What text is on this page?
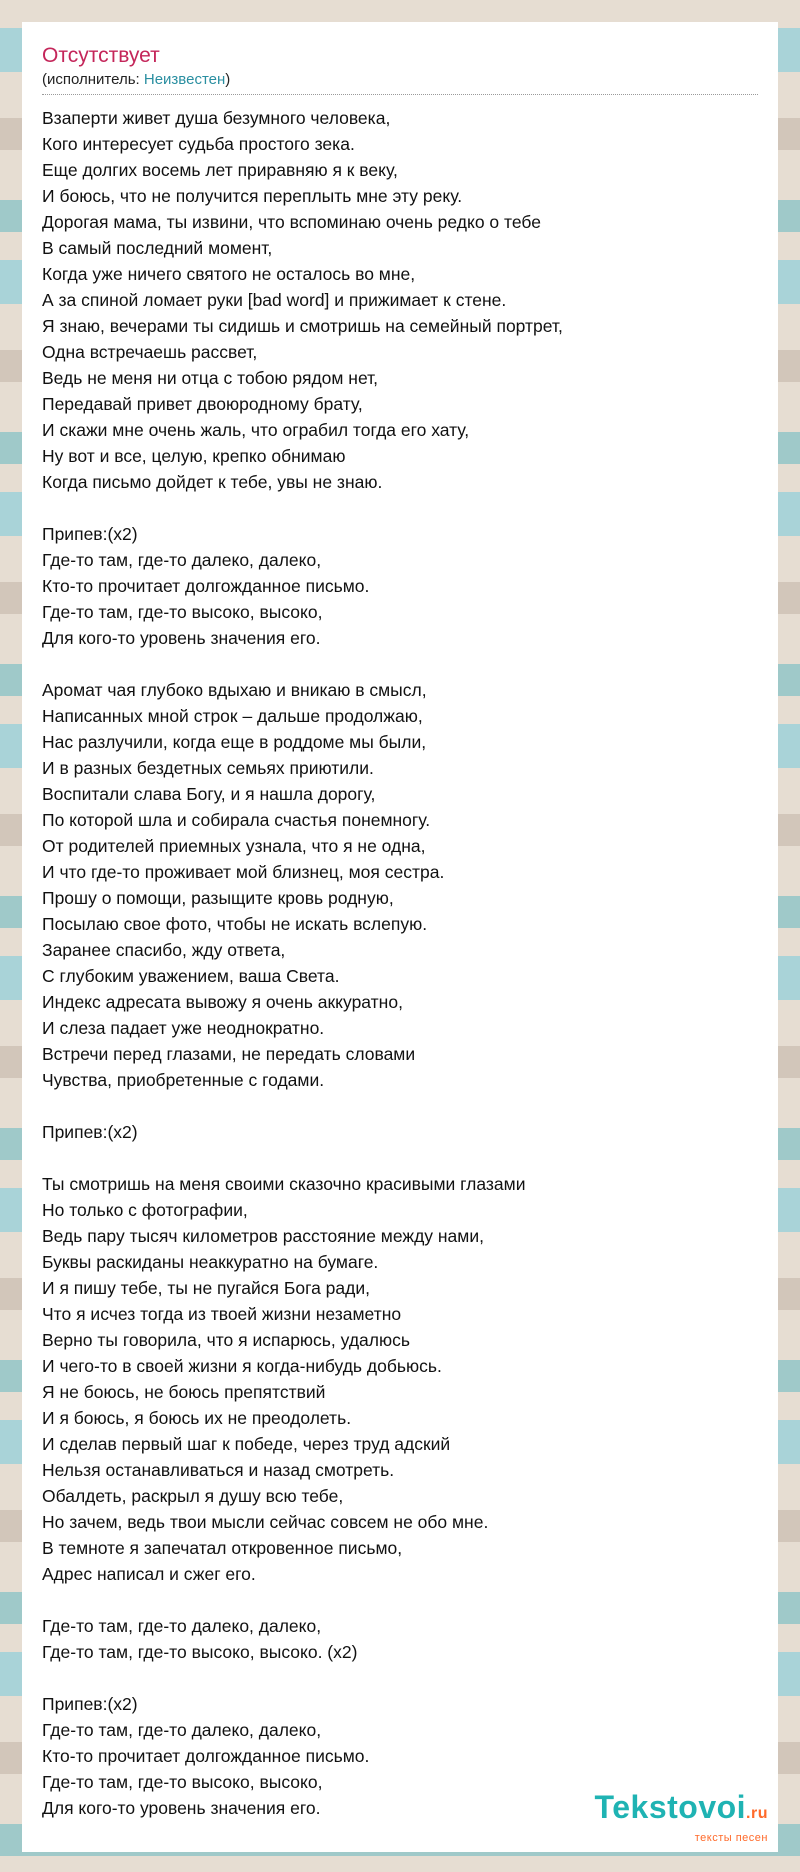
Отсутствует
(исполнитель: Неизвестен)
Взаперти живет душа безумного человека,
Кого интересует судьба простого зека.
Еще долгих восемь лет приравняю я к веку,
И боюсь, что не получится переплыть мне эту реку.
Дорогая мама, ты извини, что вспоминаю очень редко о тебе
В самый последний момент,
Когда уже ничего святого не осталось во мне,
А за спиной ломает руки [bad word] и прижимает к стене.
Я знаю, вечерами ты сидишь и смотришь на семейный портрет,
Одна встречаешь рассвет,
Ведь не меня ни отца с тобою рядом нет,
Передавай привет двоюродному брату,
И скажи мне очень жаль, что ограбил тогда его хату,
Ну вот и все, целую, крепко обнимаю
Когда письмо дойдет к тебе, увы не знаю.
Припев:(x2)
Где-то там, где-то далеко, далеко,
Кто-то прочитает долгожданное письмо.
Где-то там, где-то высоко, высоко,
Для кого-то уровень значения его.
Аромат чая глубоко вдыхаю и вникаю в смысл,
Написанных мной строк – дальше продолжаю,
Нас разлучили, когда еще в роддоме мы были,
И в разных бездетных семьях приютили.
Воспитали слава Богу, и я нашла дорогу,
По которой шла и собирала счастья понемногу.
От родителей приемных узнала, что я не одна,
И что где-то проживает мой близнец, моя сестра.
Прошу о помощи, разыщите кровь родную,
Посылаю свое фото, чтобы не искать вслепую.
Заранее спасибо, жду ответа,
С глубоким уважением, ваша Света.
Индекс адресата вывожу я очень аккуратно,
И слеза падает уже неоднократно.
Встречи перед глазами, не передать словами
Чувства, приобретенные с годами.
Припев:(x2)
Ты смотришь на меня своими сказочно красивыми глазами
Но только с фотографии,
Ведь пару тысяч километров расстояние между нами,
Буквы раскиданы неаккуратно на бумаге.
И я пишу тебе, ты не пугайся Бога ради,
Что я исчез тогда из твоей жизни незаметно
Верно ты говорила, что я испарюсь, удалюсь
И чего-то в своей жизни я когда-нибудь добьюсь.
Я не боюсь, не боюсь препятствий
И я боюсь, я боюсь их не преодолеть.
И сделав первый шаг к победе, через труд адский
Нельзя останавливаться и назад смотреть.
Обалдеть, раскрыл я душу всю тебе,
Но зачем, ведь твои мысли сейчас совсем не обо мне.
В темноте я запечатал откровенное письмо,
Адрес написал и сжег его.
Где-то там, где-то далеко, далеко,
Где-то там, где-то высоко, высоко. (x2)
Припев:(x2)
Где-то там, где-то далеко, далеко,
Кто-то прочитает долгожданное письмо.
Где-то там, где-то высоко, высоко,
Для кого-то уровень значения его.	Tekstovoi.ru
тексты песен
